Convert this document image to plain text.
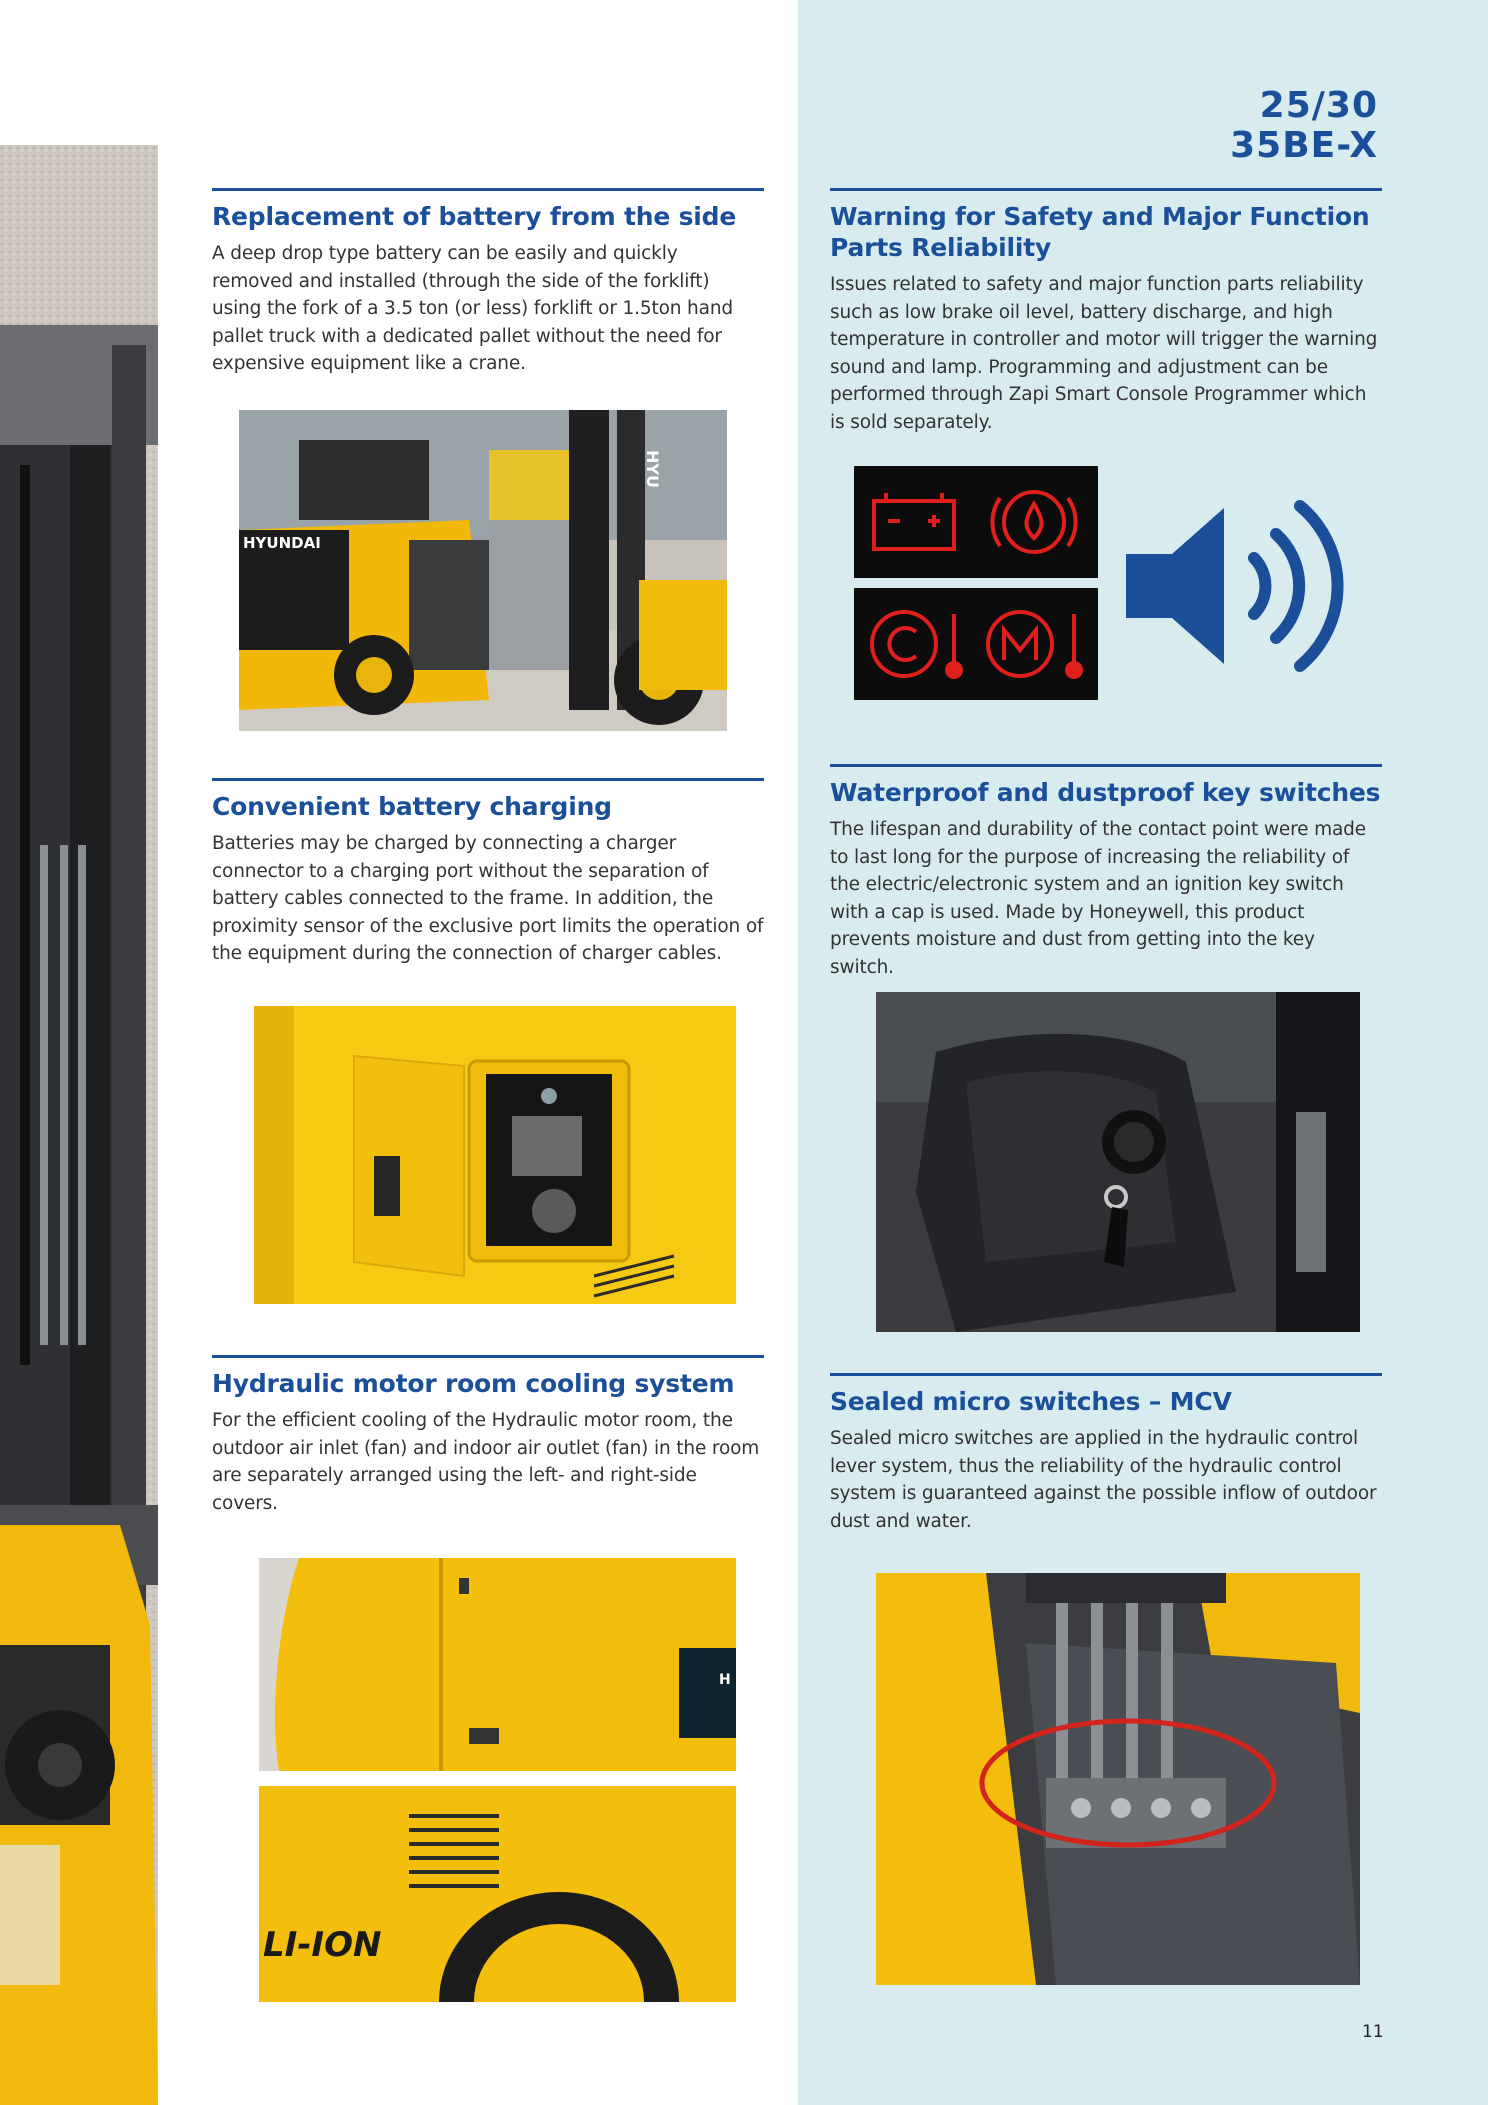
25/30
35BE-X
Replacement of battery from the side

A deep drop type battery can be easily and quickly removed and installed (through the side of the forklift) using the fork of a 3.5 ton (or less) forklift or 1.5ton hand pallet truck with a dedicated pallet without the need for expensive equipment like a crane.

HYUNDAI
HYU
Warning for Safety and Major Function Parts Reliability

Issues related to safety and major function parts reliability such as low brake oil level, battery discharge, and high temperature in controller and motor will trigger the warning sound and lamp. Programming and adjustment can be performed through Zapi Smart Console Programmer which is sold separately.

Convenient battery charging

Batteries may be charged by connecting a charger connector to a charging port without the separation of battery cables connected to the frame. In addition, the proximity sensor of the exclusive port limits the operation of the equipment during the connection of charger cables.

Waterproof and dustproof key switches

The lifespan and durability of the contact point were made to last long for the purpose of increasing the reliability of the electric/electronic system and an ignition key switch with a cap is used. Made by Honeywell, this product prevents moisture and dust from getting into the key switch.

Hydraulic motor room cooling system

For the efficient cooling of the Hydraulic motor room, the outdoor air inlet (fan) and indoor air outlet (fan) in the room are separately arranged using the left- and right-side covers.

H
LI-ION
Sealed micro switches – MCV

Sealed micro switches are applied in the hydraulic control lever system, thus the reliability of the hydraulic control system is guaranteed against the possible inflow of outdoor dust and water.

11
